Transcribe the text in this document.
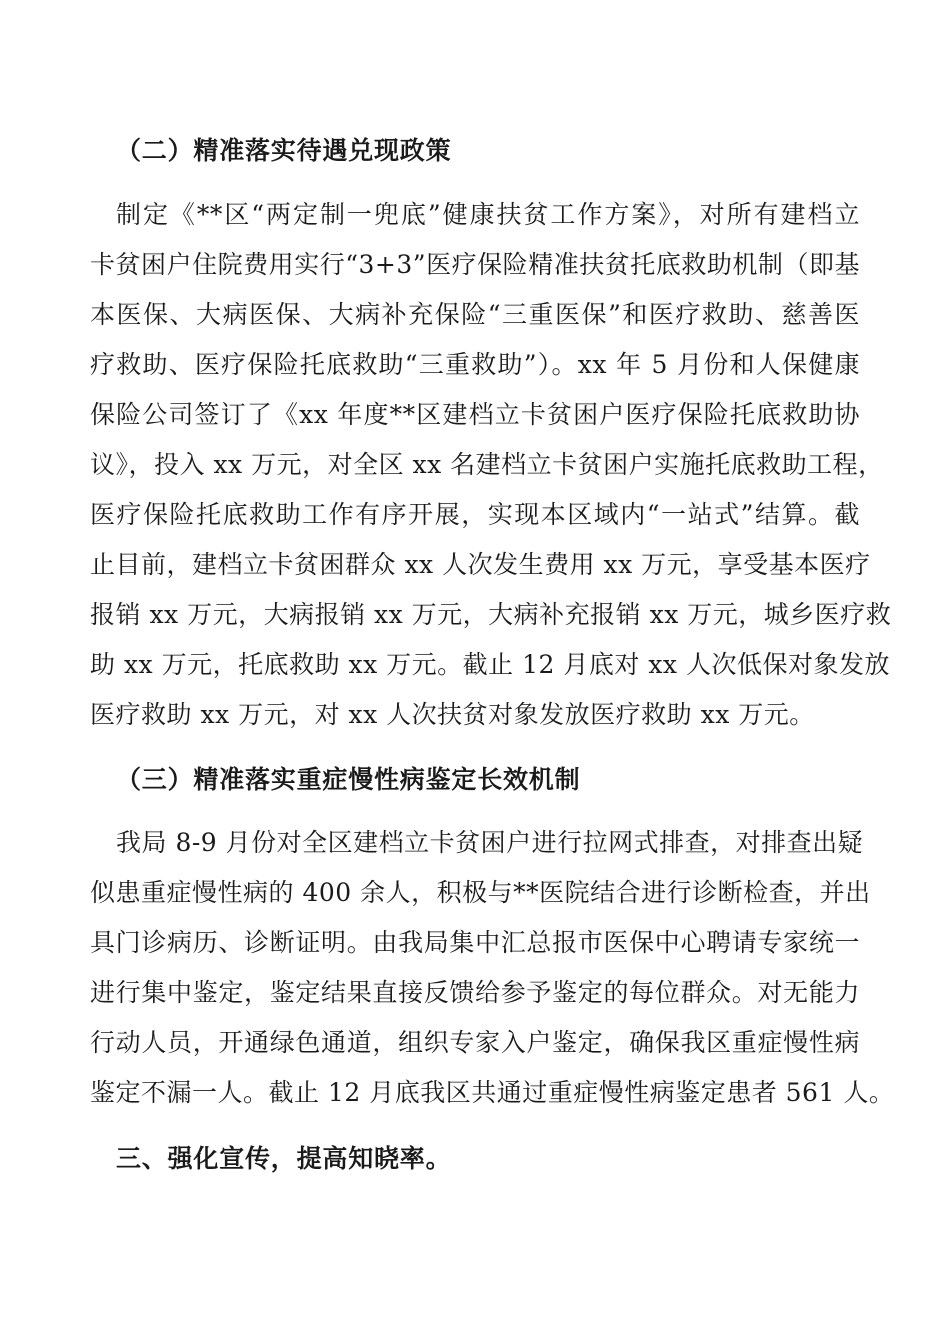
（二）精准落实待遇兑现政策
制定《**区“两定制一兜底”健康扶贫工作方案》，对所有建档立
卡贫困户住院费用实行“3+3”医疗保险精准扶贫托底救助机制（即基
本医保、大病医保、大病补充保险“三重医保”和医疗救助、慈善医
疗救助、医疗保险托底救助“三重救助”）。xx 年 5 月份和人保健康
保险公司签订了《xx 年度**区建档立卡贫困户医疗保险托底救助协
议》，投入 xx 万元，对全区 xx 名建档立卡贫困户实施托底救助工程，
医疗保险托底救助工作有序开展，实现本区域内“一站式”结算。截
止目前，建档立卡贫困群众 xx 人次发生费用 xx 万元，享受基本医疗
报销 xx 万元，大病报销 xx 万元，大病补充报销 xx 万元，城乡医疗救
助 xx 万元，托底救助 xx 万元。截止 12 月底对 xx 人次低保对象发放
医疗救助 xx 万元，对 xx 人次扶贫对象发放医疗救助 xx 万元。
（三）精准落实重症慢性病鉴定长效机制
我局 8-9 月份对全区建档立卡贫困户进行拉网式排查，对排查出疑
似患重症慢性病的 400 余人，积极与**医院结合进行诊断检查，并出
具门诊病历、诊断证明。由我局集中汇总报市医保中心聘请专家统一
进行集中鉴定，鉴定结果直接反馈给参予鉴定的每位群众。对无能力
行动人员，开通绿色通道，组织专家入户鉴定，确保我区重症慢性病
鉴定不漏一人。截止 12 月底我区共通过重症慢性病鉴定患者 561 人。
三、强化宣传，提高知晓率。
